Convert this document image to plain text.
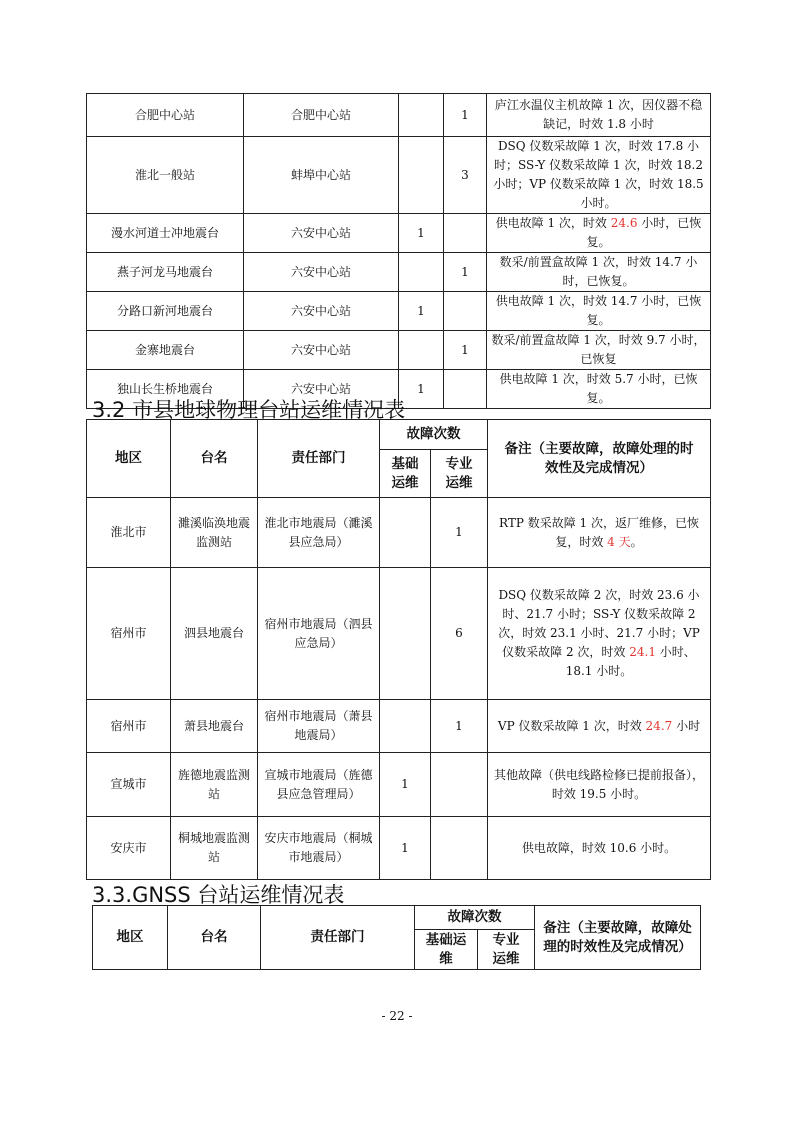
合肥中心站	合肥中心站		1	庐江水温仪主机故障 1 次，因仪器不稳缺记，时效 1.8 小时
淮北一般站	蚌埠中心站		3	DSQ 仪数采故障 1 次，时效 17.8 小时；SS-Y 仪数采故障 1 次，时效 18.2 小时；VP 仪数采故障 1 次，时效 18.5 小时。
漫水河道士冲地震台	六安中心站	1		供电故障 1 次，时效 24.6 小时，已恢复。
燕子河龙马地震台	六安中心站		1	数采/前置盒故障 1 次，时效 14.7 小时，已恢复。
分路口新河地震台	六安中心站	1		供电故障 1 次，时效 14.7 小时，已恢复。
金寨地震台	六安中心站		1	数采/前置盒故障 1 次，时效 9.7 小时，已恢复
独山长生桥地震台	六安中心站	1		供电故障 1 次，时效 5.7 小时，已恢复。
3.2 市县地球物理台站运维情况表
地区	台名	责任部门	故障次数		备注（主要故障，故障处理的时效性及完成情况）
			基础运维	专业运维	
淮北市	濉溪临涣地震监测站	淮北市地震局（濉溪县应急局）		1	RTP 数采故障 1 次，返厂维修，已恢复，时效 4 天。
宿州市	泗县地震台	宿州市地震局（泗县应急局）		6	DSQ 仪数采故障 2 次，时效 23.6 小时、21.7 小时；SS-Y 仪数采故障 2 次，时效 23.1 小时、21.7 小时；VP 仪数采故障 2 次，时效 24.1 小时、18.1 小时。
宿州市	萧县地震台	宿州市地震局（萧县地震局）		1	VP 仪数采故障 1 次，时效 24.7 小时
宣城市	旌德地震监测站	宣城市地震局（旌德县应急管理局）	1		其他故障（供电线路检修已提前报备），时效 19.5 小时。
安庆市	桐城地震监测站	安庆市地震局（桐城市地震局）	1		供电故障，时效 10.6 小时。
3.3.GNSS 台站运维情况表
地区	台名	责任部门	故障次数		备注（主要故障，故障处理的时效性及完成情况）
			基础运维	专业运维	
- 22 -
